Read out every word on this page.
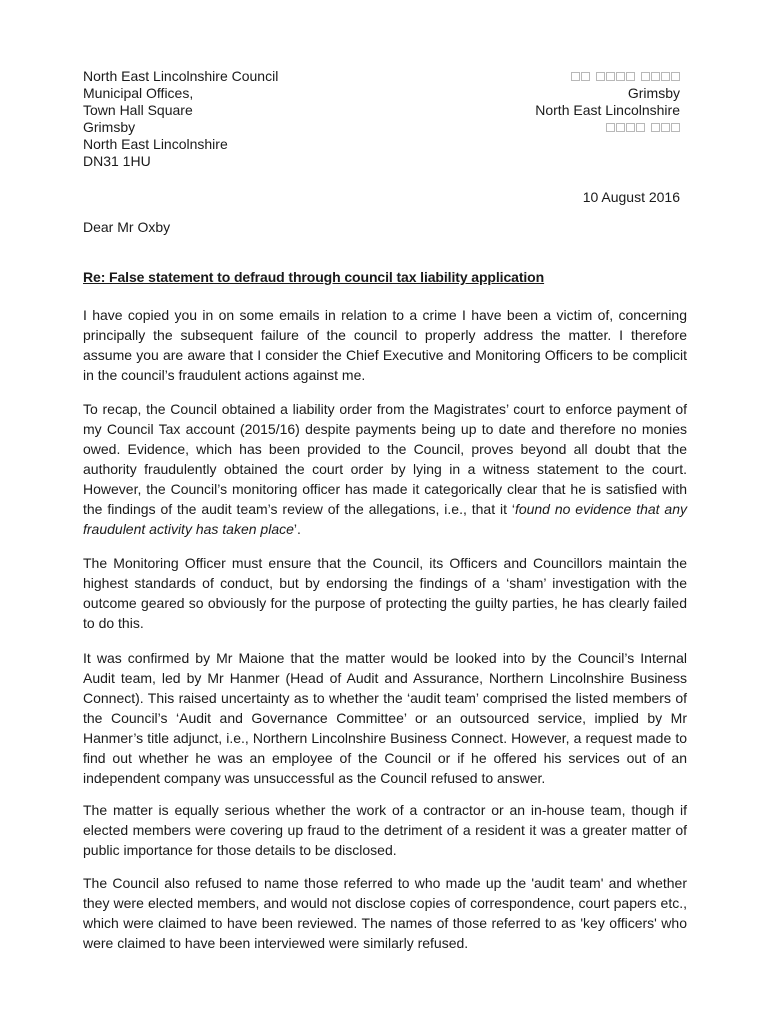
North East Lincolnshire Council
Municipal Offices,
Town Hall Square
Grimsby
North East Lincolnshire
DN31 1HU
Grimsby
North East Lincolnshire
10 August 2016
Dear Mr Oxby
Re: False statement to defraud through council tax liability application

I have copied you in on some emails in relation to a crime I have been a victim of, concerning principally the subsequent failure of the council to properly address the matter. I therefore assume you are aware that I consider the Chief Executive and Monitoring Officers to be complicit in the council’s fraudulent actions against me.

To recap, the Council obtained a liability order from the Magistrates’ court to enforce payment of my Council Tax account (2015/16) despite payments being up to date and therefore no monies owed. Evidence, which has been provided to the Council, proves beyond all doubt that the authority fraudulently obtained the court order by lying in a witness statement to the court. However, the Council’s monitoring officer has made it categorically clear that he is satisfied with the findings of the audit team’s review of the allegations, i.e., that it ‘found no evidence that any fraudulent activity has taken place’.

The Monitoring Officer must ensure that the Council, its Officers and Councillors maintain the highest standards of conduct, but by endorsing the findings of a ‘sham’ investigation with the outcome geared so obviously for the purpose of protecting the guilty parties, he has clearly failed to do this.

It was confirmed by Mr Maione that the matter would be looked into by the Council’s Internal Audit team, led by Mr Hanmer (Head of Audit and Assurance, Northern Lincolnshire Business Connect). This raised uncertainty as to whether the ‘audit team’ comprised the listed members of the Council’s ‘Audit and Governance Committee’ or an outsourced service, implied by Mr Hanmer’s title adjunct, i.e., Northern Lincolnshire Business Connect. However, a request made to find out whether he was an employee of the Council or if he offered his services out of an independent company was unsuccessful as the Council refused to answer.

The matter is equally serious whether the work of a contractor or an in-house team, though if elected members were covering up fraud to the detriment of a resident it was a greater matter of public importance for those details to be disclosed.

The Council also refused to name those referred to who made up the 'audit team' and whether they were elected members, and would not disclose copies of correspondence, court papers etc., which were claimed to have been reviewed. The names of those referred to as 'key officers' who were claimed to have been interviewed were similarly refused.
